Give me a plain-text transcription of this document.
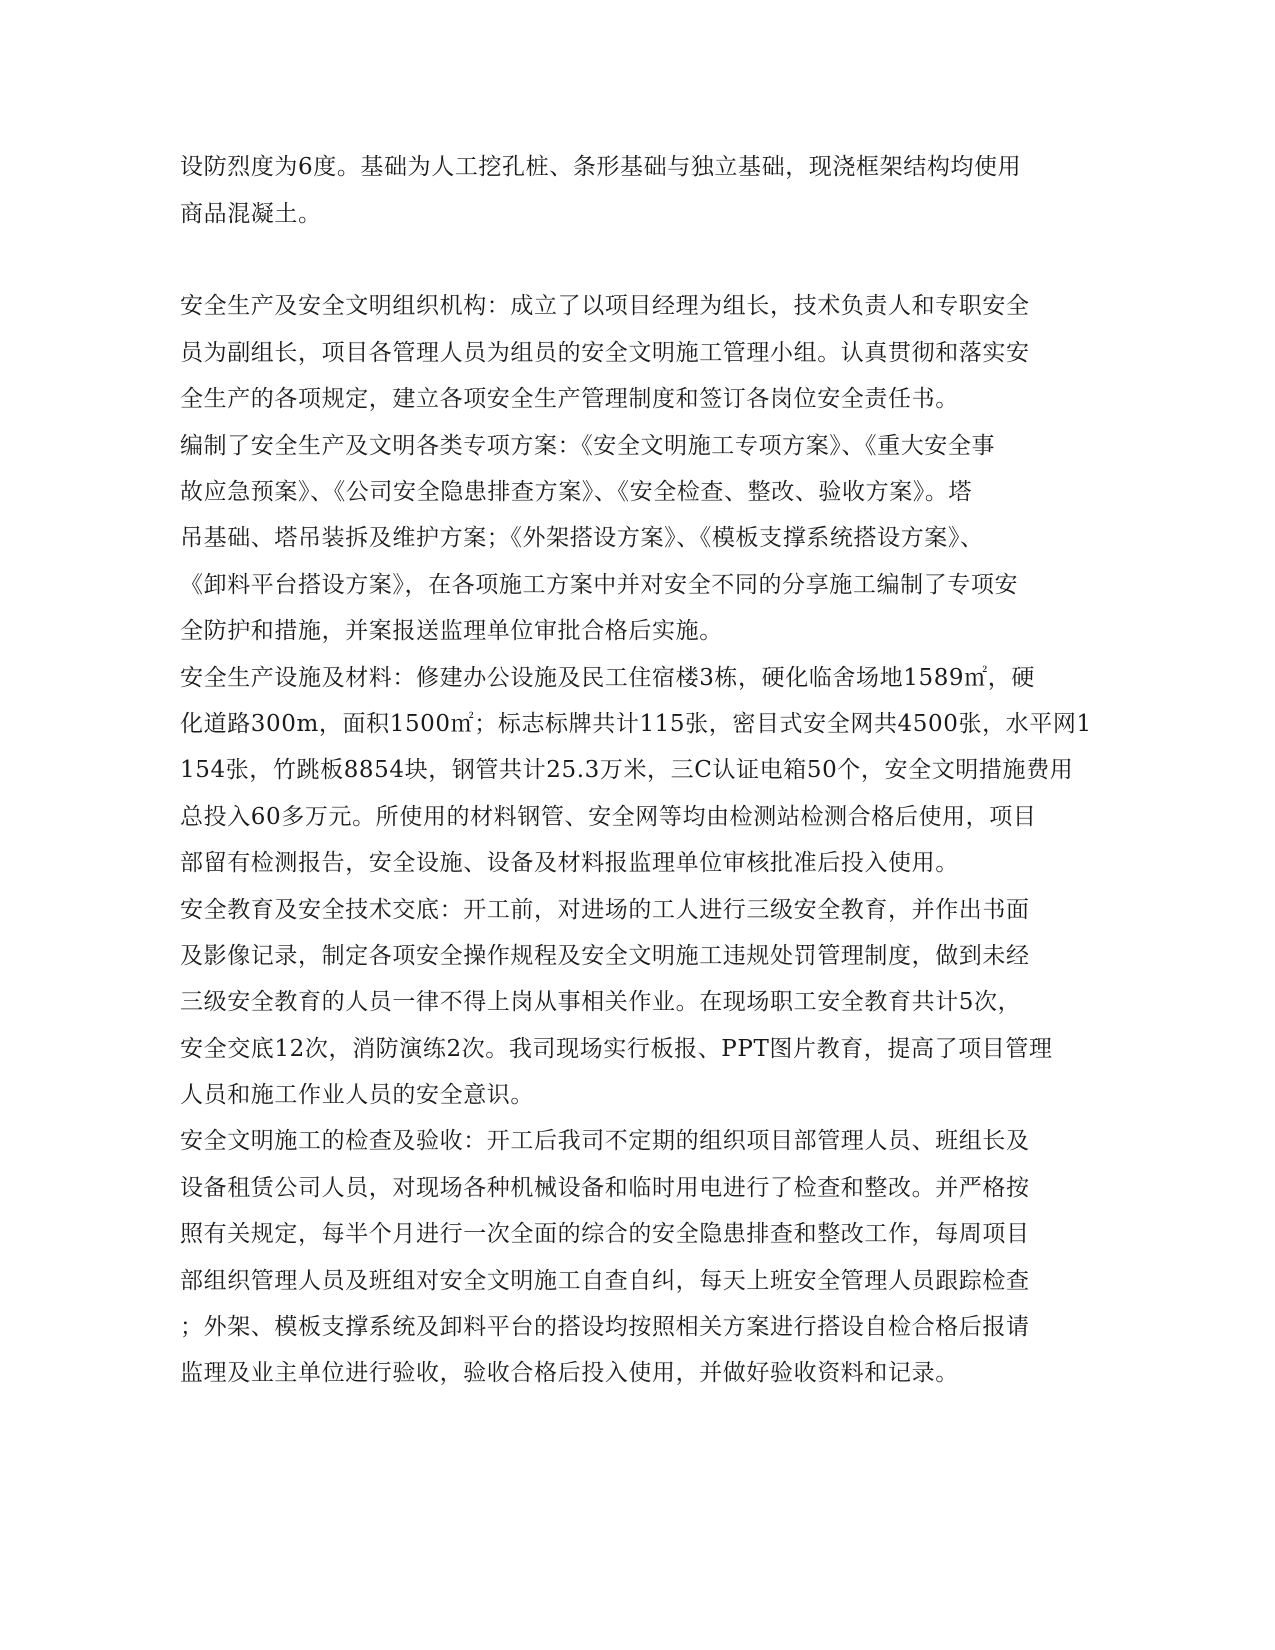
设防烈度为6度。基础为人工挖孔桩、条形基础与独立基础，现浇框架结构均使用

商品混凝土。

安全生产及安全文明组织机构：成立了以项目经理为组长，技术负责人和专职安全

员为副组长，项目各管理人员为组员的安全文明施工管理小组。认真贯彻和落实安

全生产的各项规定，建立各项安全生产管理制度和签订各岗位安全责任书。

编制了安全生产及文明各类专项方案：《安全文明施工专项方案》、《重大安全事

故应急预案》、《公司安全隐患排查方案》、《安全检查、整改、验收方案》。塔

吊基础、塔吊装拆及维护方案；《外架搭设方案》、《模板支撑系统搭设方案》、

《卸料平台搭设方案》，在各项施工方案中并对安全不同的分享施工编制了专项安

全防护和措施，并案报送监理单位审批合格后实施。

安全生产设施及材料：修建办公设施及民工住宿楼3栋，硬化临舍场地1589㎡，硬

化道路300m，面积1500㎡；标志标牌共计115张，密目式安全网共4500张，水平网1

154张，竹跳板8854块，钢管共计25.3万米，三C认证电箱50个，安全文明措施费用

总投入60多万元。所使用的材料钢管、安全网等均由检测站检测合格后使用，项目

部留有检测报告，安全设施、设备及材料报监理单位审核批准后投入使用。

安全教育及安全技术交底：开工前，对进场的工人进行三级安全教育，并作出书面

及影像记录，制定各项安全操作规程及安全文明施工违规处罚管理制度，做到未经

三级安全教育的人员一律不得上岗从事相关作业。在现场职工安全教育共计5次，

安全交底12次，消防演练2次。我司现场实行板报、PPT图片教育，提高了项目管理

人员和施工作业人员的安全意识。

安全文明施工的检查及验收：开工后我司不定期的组织项目部管理人员、班组长及

设备租赁公司人员，对现场各种机械设备和临时用电进行了检查和整改。并严格按

照有关规定，每半个月进行一次全面的综合的安全隐患排查和整改工作，每周项目

部组织管理人员及班组对安全文明施工自查自纠，每天上班安全管理人员跟踪检查

；外架、模板支撑系统及卸料平台的搭设均按照相关方案进行搭设自检合格后报请

监理及业主单位进行验收，验收合格后投入使用，并做好验收资料和记录。
